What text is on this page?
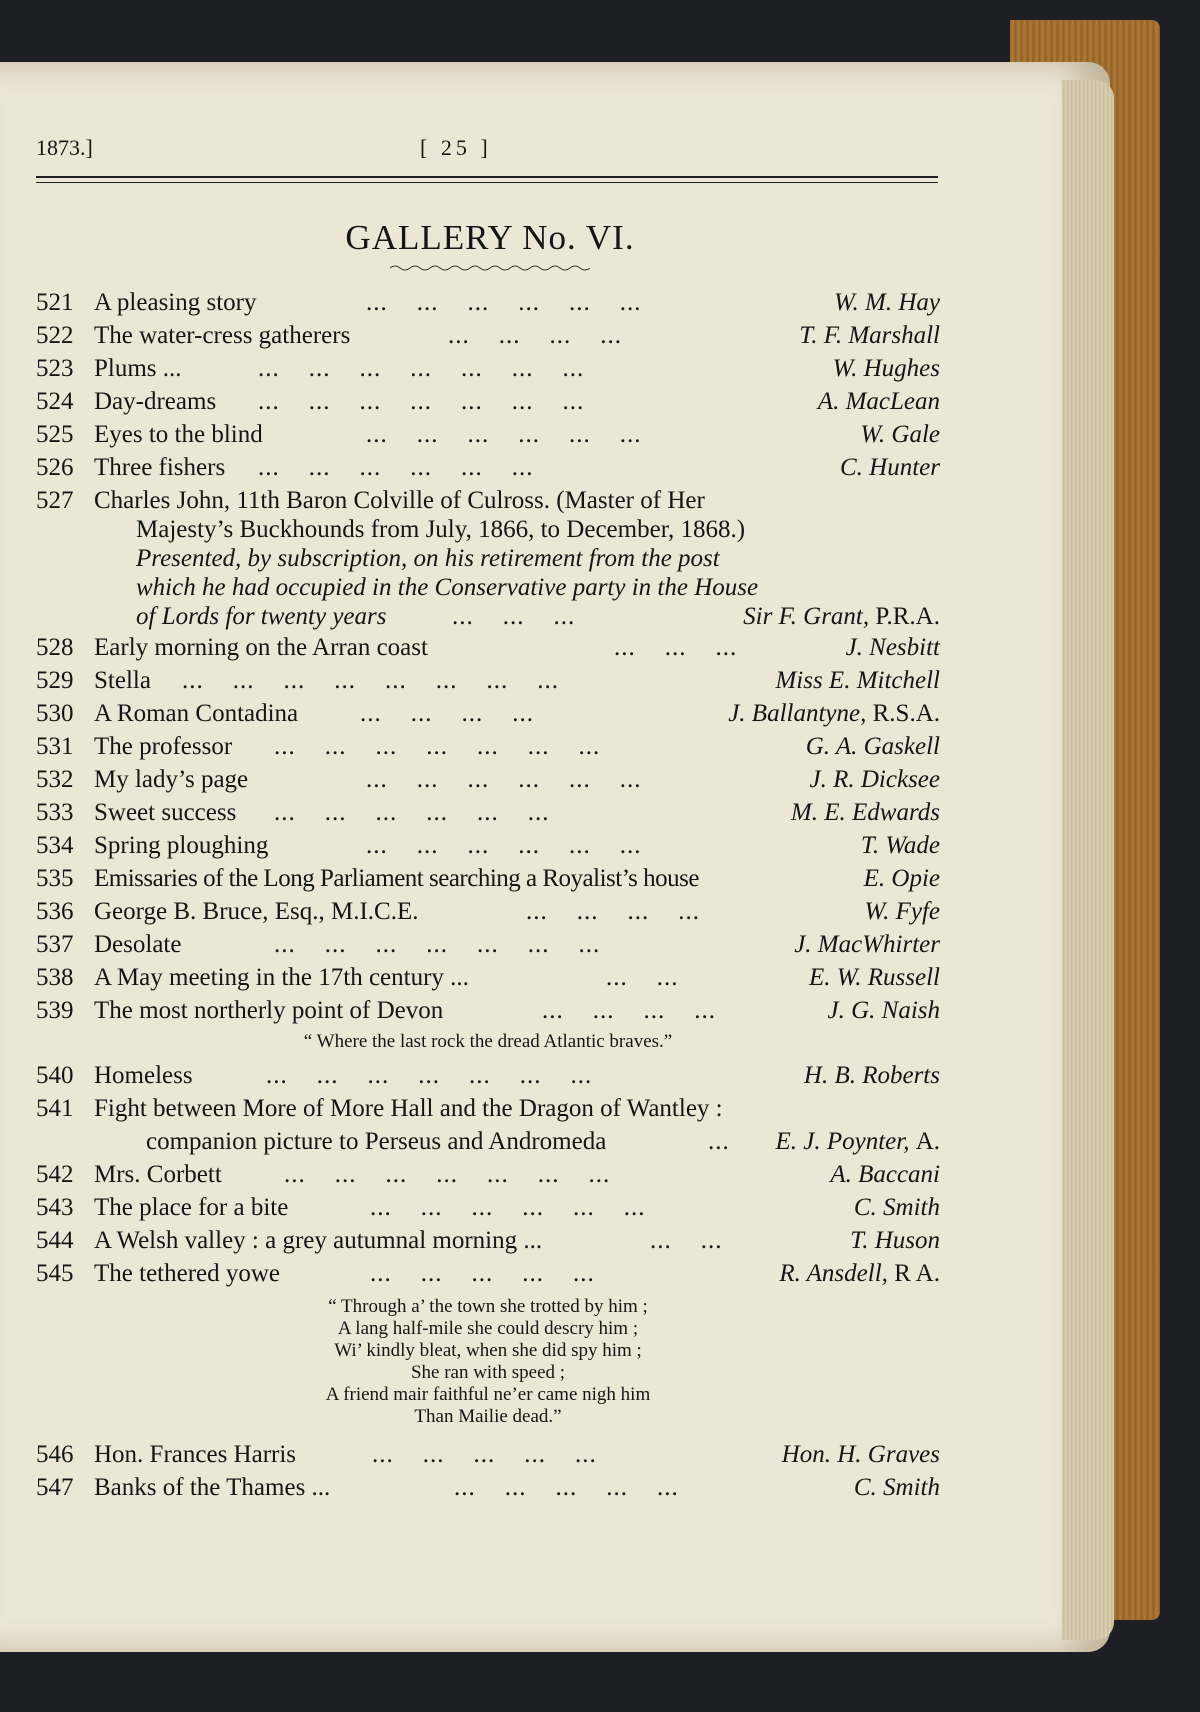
1873.]	[ 25 ]
GALLERY No. VI.
521 A pleasing story	...    ...    ...    ...    ...    ...	W. M. Hay
522 The water-cress gatherers	...    ...    ...    ...	T. F. Marshall
523 Plums ...	...    ...    ...    ...    ...    ...    ...	W. Hughes
524 Day-dreams ...    ...    ...    ...    ...    ...    ...	A. MacLean
525 Eyes to the blind	...    ...    ...    ...    ...    ...	W. Gale
526 Three fishers ...    ...    ...    ...    ...    ...	C. Hunter
527 Charles John, 11th Baron Colville of Culross. (Master of Her
Majesty’s Buckhounds from July, 1866, to December, 1868.)
Presented, by subscription, on his retirement from the post
which he had occupied in the Conservative party in the House
of Lords for twenty years	...    ...    ...	Sir F. Grant, P.R.A.
528 Early morning on the Arran coast	...    ...    ...	J. Nesbitt
529 Stella ...    ...    ...    ...    ...    ...    ...    ...	Miss E. Mitchell
530 A Roman Contadina ...    ...    ...    ...	J. Ballantyne, R.S.A.
531 The professor ...    ...    ...    ...    ...    ...    ...	G. A. Gaskell
532 My lady’s page	...    ...    ...    ...    ...    ...	J. R. Dicksee
533 Sweet success ...    ...    ...    ...    ...    ...	M. E. Edwards
534 Spring ploughing	...    ...    ...    ...    ...    ...	T. Wade
535 Emissaries of the Long Parliament searching a Royalist’s house	E. Opie
536 George B. Bruce, Esq., M.I.C.E.	...    ...    ...    ...	W. Fyfe
537 Desolate	...    ...    ...    ...    ...    ...    ...	J. MacWhirter
538 A May meeting in the 17th century ...	...    ...	E. W. Russell
539 The most northerly point of Devon	...    ...    ...    ...	J. G. Naish
“ Where the last rock the dread Atlantic braves.”
540 Homeless	...    ...    ...    ...    ...    ...    ...	H. B. Roberts
541 Fight between More of More Hall and the Dragon of Wantley :
companion picture to Perseus and Andromeda	... E. J. Poynter, A.
542 Mrs. Corbett ...    ...    ...    ...    ...    ...    ...	A. Baccani
543 The place for a bite	...    ...    ...    ...    ...    ...	C. Smith
544 A Welsh valley : a grey autumnal morning ...	...    ...	T. Huson
545 The tethered yowe	...    ...    ...    ...    ...	R. Ansdell, R A.
“ Through a’ the town she trotted by him ;
A lang half-mile she could descry him ;
Wi’ kindly bleat, when she did spy him ;
She ran with speed ;
A friend mair faithful ne’er came nigh him
Than Mailie dead.”
546 Hon. Frances Harris	...    ...    ...    ...    ...	Hon. H. Graves
547 Banks of the Thames ...	...    ...    ...    ...    ...	C. Smith
